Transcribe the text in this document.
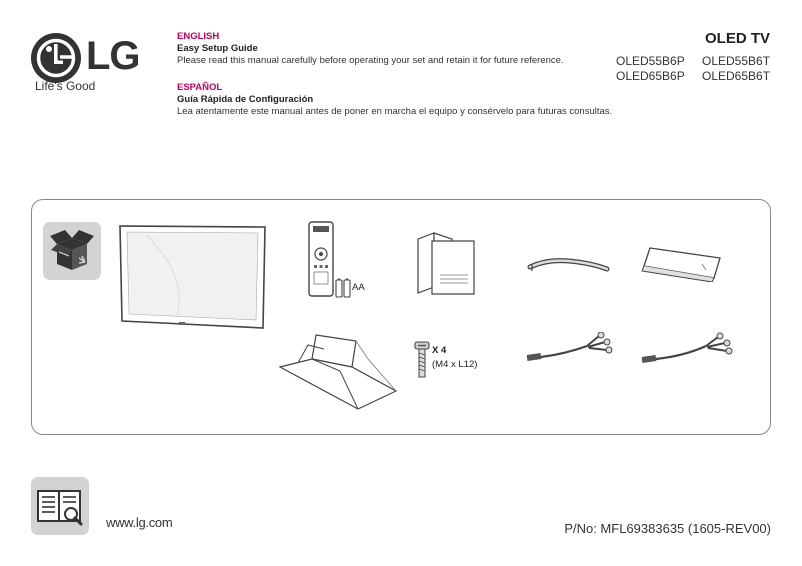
LG
Life's Good
ENGLISH
Easy Setup Guide
Please read this manual carefully before operating your set and retain it for future reference.
ESPAÑOL
Guía Rápida de Configuración
Lea atentamente este manual antes de poner en marcha el equipo y consérvelo para futuras consultas.
OLED TV
OLED55B6P	OLED55B6T
OLED65B6P	OLED65B6T
AA
X 4
(M4 x L12)
www.lg.com	P/No: MFL69383635 (1605-REV00)
